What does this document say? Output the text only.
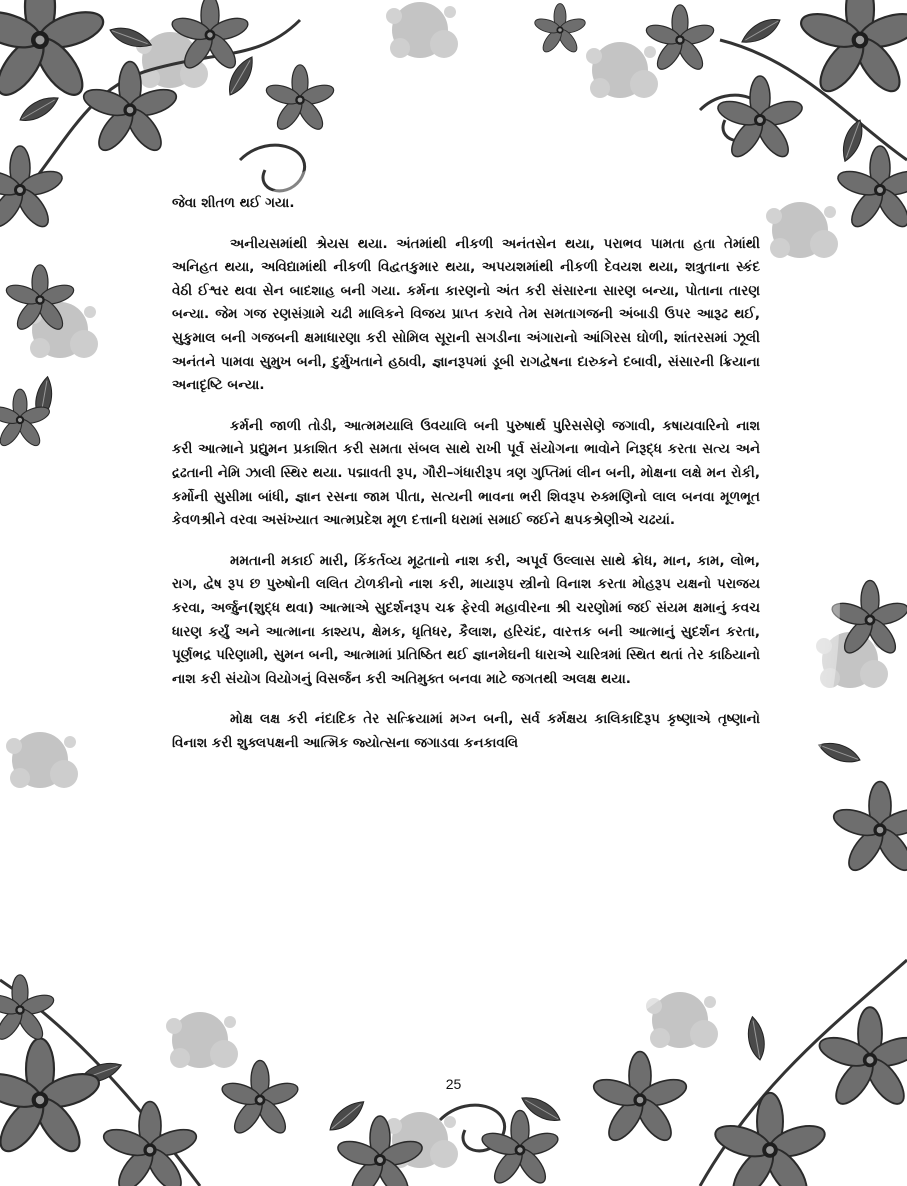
જેવા શીતળ થઈ ગયા.

અનીયસમાંથી શ્રેયસ થયા. અંતમાંથી નીકળી અનંતસેન થયા, પરાભવ પામતા હતા તેમાંથી અનિહત થયા, અવિદ્યામાંથી નીકળી વિદ્વતકુમાર થયા, અપયશમાંથી નીકળી દેવયશ થયા, શત્રુતાના સ્કંદ વેઠી ઈશ્વર થવા સેન બાદશાહ બની ગયા. કર્મના કારણનો અંત કરી સંસારના સારણ બન્યા, પોતાના તારણ બન્યા. જેમ ગજ રણસંગ્રામે ચઢી માલિકને વિજય પ્રાપ્ત કરાવે તેમ સમતાગજની અંબાડી ઉપર આરૂઢ થઈ, સુકુમાલ બની ગજબની ક્ષમાધારણા કરી સોમિલ સૂરાની સગડીના અંગારાનો આંગિરસ ઘોળી, શાંતરસમાં ઝૂલી અનંતને પામવા સુમુખ બની, દુર્મુખતાને હઠાવી, જ્ઞાનરૂપમાં ડૂબી રાગદ્વેષના દારુકને દબાવી, સંસારની ક્રિયાના અનાદૃષ્ટિ બન્યા.

કર્મની જાળી તોડી, આત્મમયાલિ ઉવયાલિ બની પુરુષાર્થ પુરિસસેણે જગાવી, કષાયવારિનો નાશ કરી આત્માને પ્રદ્યુમન પ્રકાશિત કરી સમતા સંબલ સાથે રાખી પૂર્વ સંયોગના ભાવોને નિરૂદ્ધ કરતા સત્ય અને દ્રઢતાની નેમિ ઝાલી સ્થિર થયા. પદ્માવતી રૂપ, ગૌરી–ગંધારીરૂપ ત્રણ ગુપ્તિમાં લીન બની, મોક્ષના લક્ષે મન રોકી, કર્મોની સુસીમા બાંધી, જ્ઞાન રસના જામ પીતા, સત્યની ભાવના ભરી શિવરૂપ રુક્મણિનો લાલ બનવા મૂળભૂત કેવળશ્રીને વરવા અસંખ્યાત આત્મપ્રદેશ મૂળ દત્તાની ધરામાં સમાઈ જઈને ક્ષપકશ્રેણીએ ચઢયાં.

મમતાની મકાઈ મારી, કિંકર્તવ્ય મૂઢતાનો નાશ કરી, અપૂર્વ ઉલ્લાસ સાથે ક્રોધ, માન, કામ, લોભ, રાગ, દ્વેષ રૂપ છ પુરુષોની લલિત ટોળકીનો નાશ કરી, માયારૂપ સ્ત્રીનો વિનાશ કરતા મોહરૂપ યક્ષનો પરાજય કરવા, અર્જુન(શુદ્ધ થવા) આત્માએ સુદર્શનરૂપ ચક્ર ફેરવી મહાવીરના શ્રી ચરણોમાં જઈ સંયમ ક્ષમાનું કવચ ધારણ કર્યું અને આત્માના કાશ્યપ, ક્ષેમક, ધૃતિધર, કૈલાશ, હરિચંદ, વારત્તક બની આત્માનું સુદર્શન કરતા, પૂર્ણભદ્ર પરિણામી, સુમન બની, આત્મામાં પ્રતિષ્ઠિત થઈ જ્ઞાનમેઘની ધારાએ ચારિત્રમાં સ્થિત થતાં તેર કાઠિયાનો નાશ કરી સંયોગ વિયોગનું વિસર્જન કરી અતિમુક્ત બનવા માટે જગતથી અલક્ષ થયા.

મોક્ષ લક્ષ કરી નંદાદિક તેર સત્ક્રિયામાં મગ્ન બની, સર્વ કર્મક્ષય કાલિકાદિરૂપ કૃષ્ણાએ તૃષ્ણાનો વિનાશ કરી શુક્લપક્ષની આત્મિક જ્યોત્સના જગાડવા કનકાવલિ

25
